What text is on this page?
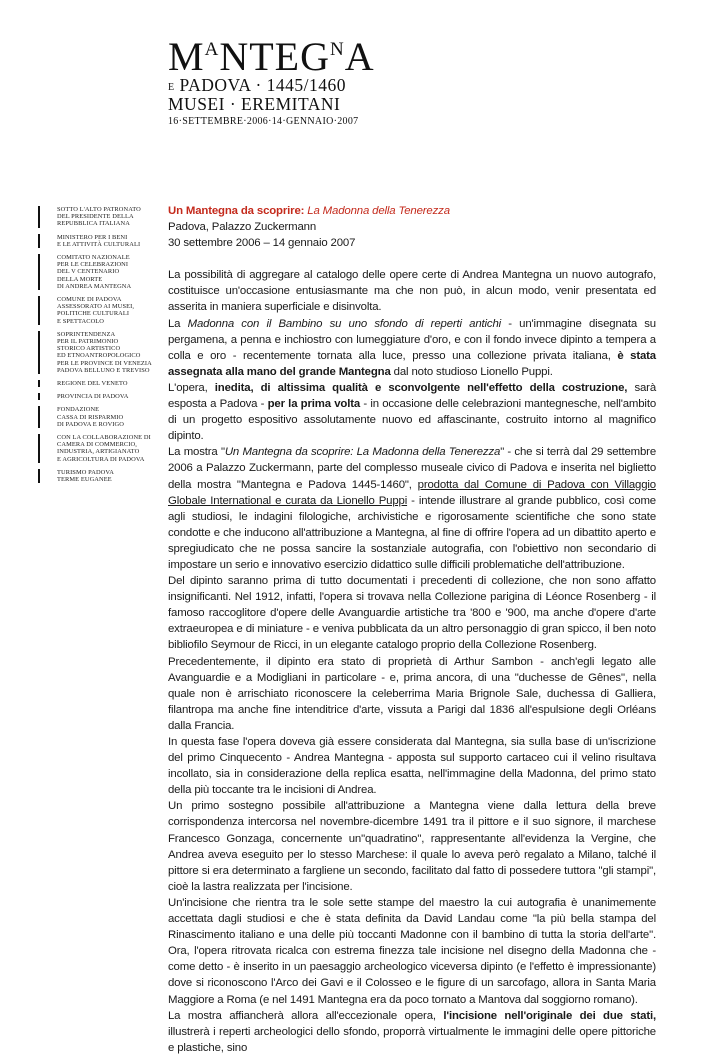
$M^ANTEG^NA$
E PADOVA · 1445/1460
MUSEI · EREMITANI
16·SETTEMBRE·2006·14·GENNAIO·2007
SOTTO L'ALTO PATRONATO
DEL PRESIDENTE DELLA
REPUBBLICA ITALIANA
MINISTERO PER I BENI
E LE ATTIVITÀ CULTURALI
COMITATO NAZIONALE
PER LE CELEBRAZIONI
DEL V CENTENARIO
DELLA MORTE
DI ANDREA MANTEGNA
COMUNE DI PADOVA
ASSESSORATO AI MUSEI,
POLITICHE CULTURALI
E SPETTACOLO
SOPRINTENDENZA
PER IL PATRIMONIO
STORICO ARTISTICO
ED ETNOANTROPOLOGICO
PER LE PROVINCE DI VENEZIA
PADOVA BELLUNO E TREVISO
REGIONE DEL VENETO
PROVINCIA DI PADOVA
FONDAZIONE
CASSA DI RISPARMIO
DI PADOVA E ROVIGO
CON LA COLLABORAZIONE DI
CAMERA DI COMMERCIO,
INDUSTRIA, ARTIGIANATO
E AGRICOLTURA DI PADOVA
TURISMO PADOVA
TERME EUGANEE
Un Mantegna da scoprire: La Madonna della Tenerezza
Padova, Palazzo Zuckermann
30 settembre 2006 – 14 gennaio 2007

La possibilità di aggregare al catalogo delle opere certe di Andrea Mantegna un nuovo autografo, costituisce un'occasione entusiasmante ma che non può, in alcun modo, venir presentata ed asserita in maniera superficiale e disinvolta.

La Madonna con il Bambino su uno sfondo di reperti antichi - un'immagine disegnata su pergamena, a penna e inchiostro con lumeggiature d'oro, e con il fondo invece dipinto a tempera a colla e oro - recentemente tornata alla luce, presso una collezione privata italiana, è stata assegnata alla mano del grande Mantegna dal noto studioso Lionello Puppi.

L'opera, inedita, di altissima qualità e sconvolgente nell'effetto della costruzione, sarà esposta a Padova - per la prima volta - in occasione delle celebrazioni mantegnesche, nell'ambito di un progetto espositivo assolutamente nuovo ed affascinante, costruito intorno al magnifico dipinto.

La mostra "Un Mantegna da scoprire: La Madonna della Tenerezza" - che si terrà dal 29 settembre 2006 a Palazzo Zuckermann, parte del complesso museale civico di Padova e inserita nel biglietto della mostra "Mantegna e Padova 1445-1460", prodotta dal Comune di Padova con Villaggio Globale International e curata da Lionello Puppi - intende illustrare al grande pubblico, così come agli studiosi, le indagini filologiche, archivistiche e rigorosamente scientifiche che sono state condotte e che inducono all'attribuzione a Mantegna, al fine di offrire l'opera ad un dibattito aperto e spregiudicato che ne possa sancire la sostanziale autografia, con l'obiettivo non secondario di impostare un serio e innovativo esercizio didattico sulle difficili problematiche dell'attribuzione.

Del dipinto saranno prima di tutto documentati i precedenti di collezione, che non sono affatto insignificanti. Nel 1912, infatti, l'opera si trovava nella Collezione parigina di Léonce Rosenberg - il famoso raccoglitore d'opere delle Avanguardie artistiche tra '800 e '900, ma anche d'opere d'arte extraeuropea e di miniature - e veniva pubblicata da un altro personaggio di gran spicco, il ben noto bibliofilo Seymour de Ricci, in un elegante catalogo proprio della Collezione Rosenberg.

Precedentemente, il dipinto era stato di proprietà di Arthur Sambon - anch'egli legato alle Avanguardie e a Modigliani in particolare - e, prima ancora, di una "duchesse de Gênes", nella quale non è arrischiato riconoscere la celeberrima Maria Brignole Sale, duchessa di Galliera, filantropa ma anche fine intenditrice d'arte, vissuta a Parigi dal 1836 all'espulsione degli Orléans dalla Francia.

In questa fase l'opera doveva già essere considerata dal Mantegna, sia sulla base di un'iscrizione del primo Cinquecento - Andrea Mantegna - apposta sul supporto cartaceo cui il velino risultava incollato, sia in considerazione della replica esatta, nell'immagine della Madonna, del primo stato della più toccante tra le incisioni di Andrea.

Un primo sostegno possibile all'attribuzione a Mantegna viene dalla lettura della breve corrispondenza intercorsa nel novembre-dicembre 1491 tra il pittore e il suo signore, il marchese Francesco Gonzaga, concernente un"quadratino", rappresentante all'evidenza la Vergine, che Andrea aveva eseguito per lo stesso Marchese: il quale lo aveva però regalato a Milano, talché il pittore si era determinato a fargliene un secondo, facilitato dal fatto di possedere tuttora "gli stampi", cioè la lastra realizzata per l'incisione.

Un'incisione che rientra tra le sole sette stampe del maestro la cui autografia è unanimemente accettata dagli studiosi e che è stata definita da David Landau come "la più bella stampa del Rinascimento italiano e una delle più toccanti Madonne con il bambino di tutta la storia dell'arte". Ora, l'opera ritrovata ricalca con estrema finezza tale incisione nel disegno della Madonna che - come detto - è inserito in un paesaggio archeologico viceversa dipinto (e l'effetto è impressionante) dove si riconoscono l'Arco dei Gavi e il Colosseo e le figure di un sarcofago, allora in Santa Maria Maggiore a Roma (e nel 1491 Mantegna era da poco tornato a Mantova dal soggiorno romano).

La mostra affiancherà allora all'eccezionale opera, l'incisione nell'originale dei due stati, illustrerà i reperti archeologici dello sfondo, proporrà virtualmente le immagini delle opere pittoriche e plastiche, sino
